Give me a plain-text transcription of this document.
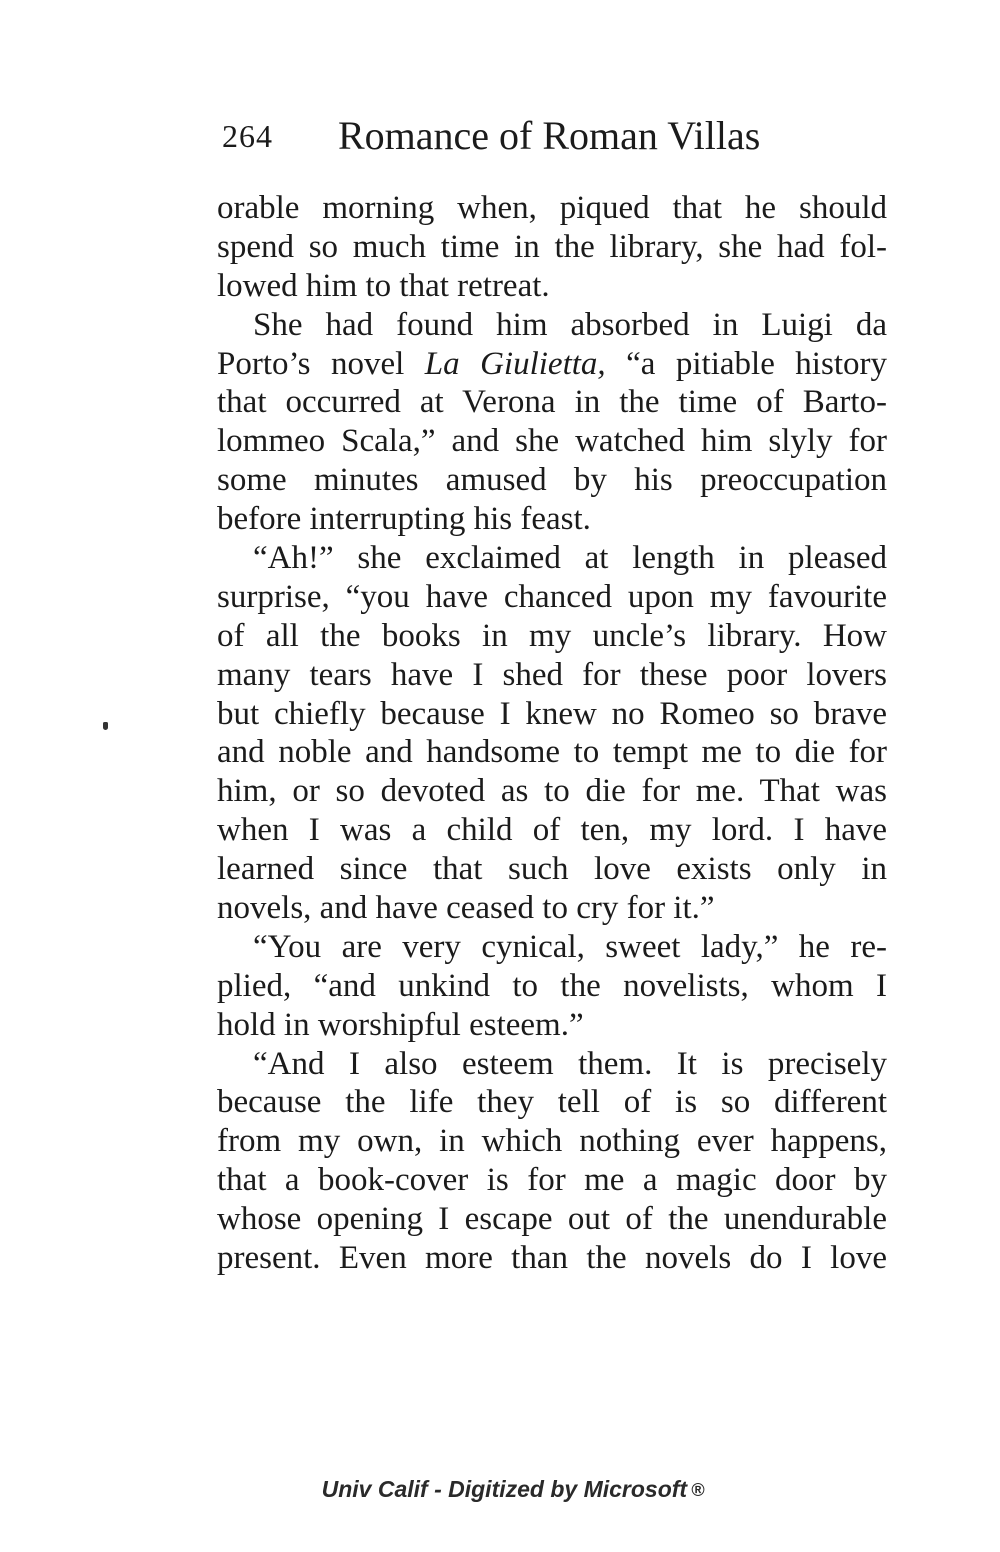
264 Romance of Roman Villas
orable morning when, piqued that he should
spend so much time in the library, she had fol-
lowed him to that retreat.
She had found him absorbed in Luigi da
Porto’s novel La Giulietta, “a pitiable history
that occurred at Verona in the time of Barto-
lommeo Scala,” and she watched him slyly for
some minutes amused by his preoccupation
before interrupting his feast.
“Ah!” she exclaimed at length in pleased
surprise, “you have chanced upon my favourite
of all the books in my uncle’s library. How
many tears have I shed for these poor lovers
but chiefly because I knew no Romeo so brave
and noble and handsome to tempt me to die for
him, or so devoted as to die for me. That was
when I was a child of ten, my lord. I have
learned since that such love exists only in
novels, and have ceased to cry for it.”
“You are very cynical, sweet lady,” he re-
plied, “and unkind to the novelists, whom I
hold in worshipful esteem.”
“And I also esteem them. It is precisely
because the life they tell of is so different
from my own, in which nothing ever happens,
that a book-cover is for me a magic door by
whose opening I escape out of the unendurable
present. Even more than the novels do I love
Univ Calif - Digitized by Microsoft ®
